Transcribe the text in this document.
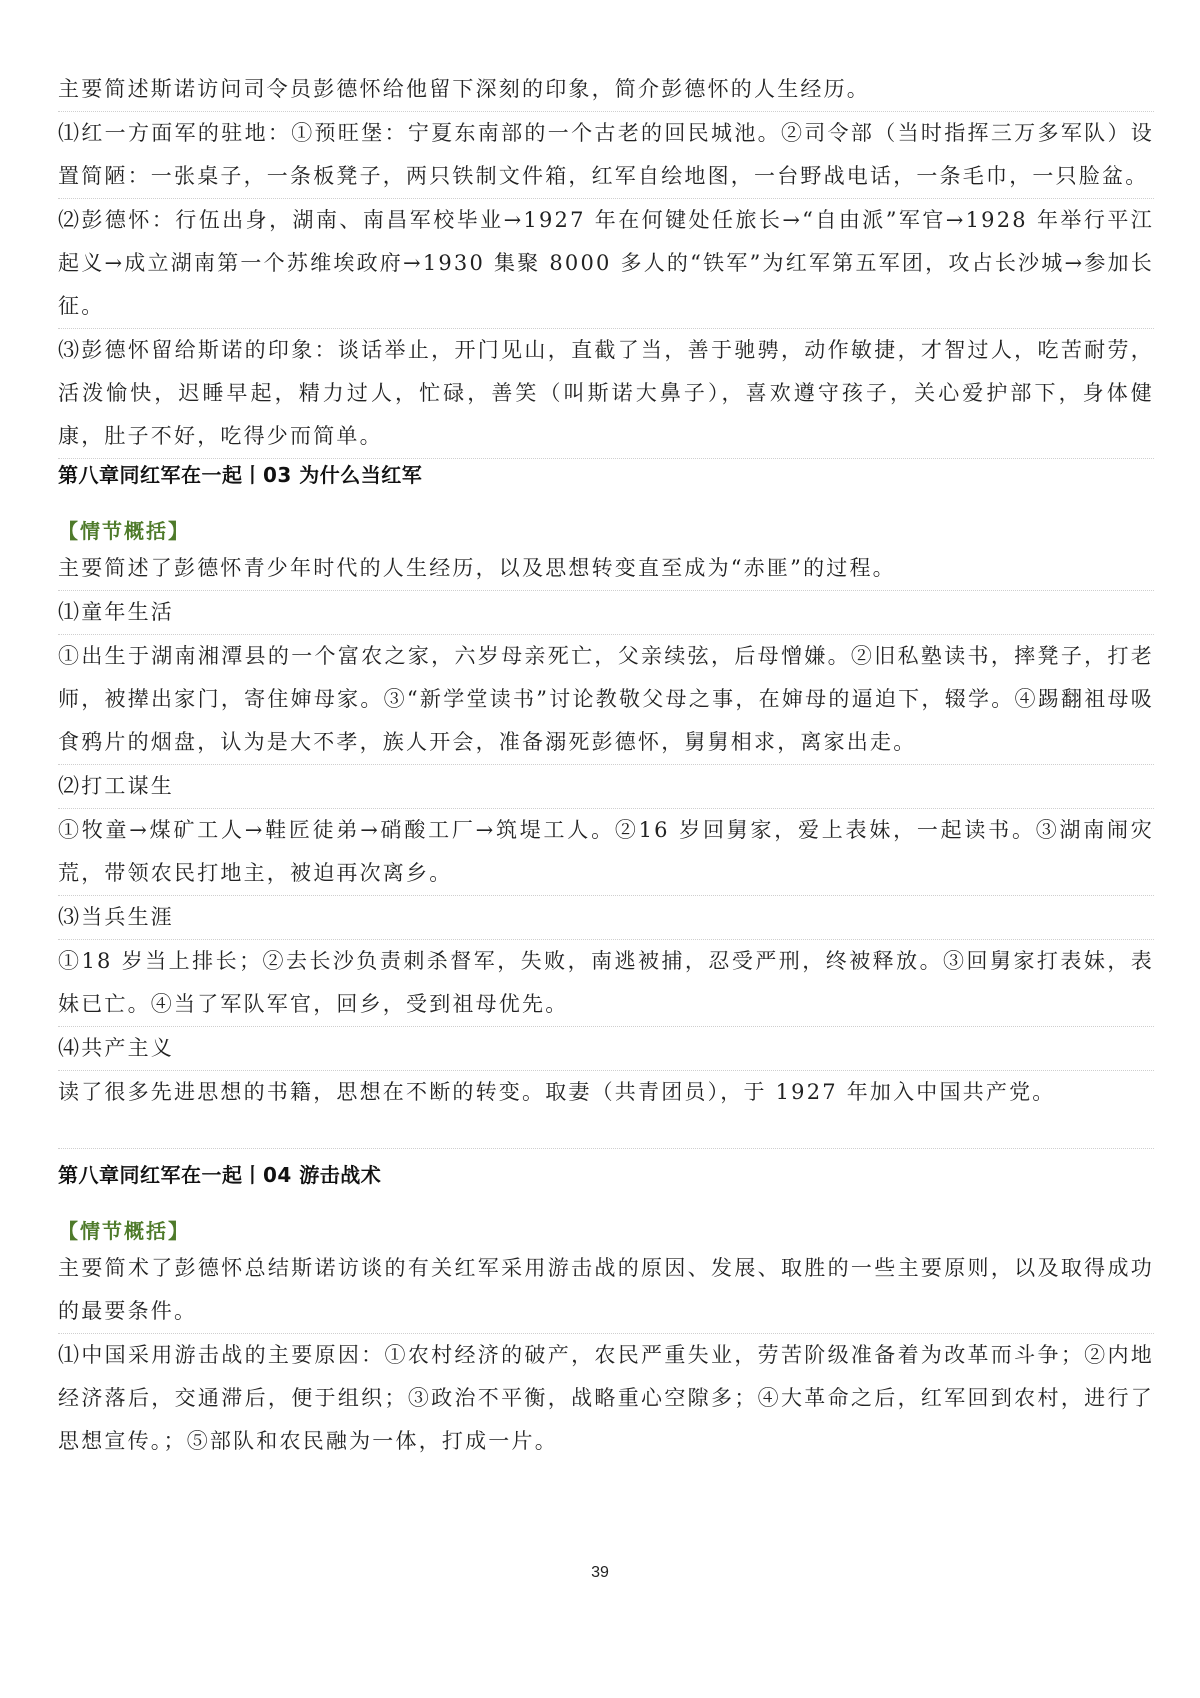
主要简述斯诺访问司令员彭德怀给他留下深刻的印象，简介彭德怀的人生经历。

⑴红一方面军的驻地：①预旺堡：宁夏东南部的一个古老的回民城池。②司令部（当时指挥三万多军队）设置简陋：一张桌子，一条板凳子，两只铁制文件箱，红军自绘地图，一台野战电话，一条毛巾，一只脸盆。

⑵彭德怀：行伍出身，湖南、南昌军校毕业→1927 年在何键处任旅长→“自由派”军官→1928 年举行平江起义→成立湖南第一个苏维埃政府→1930 集聚 8000 多人的“铁军”为红军第五军团，攻占长沙城→参加长征。

⑶彭德怀留给斯诺的印象：谈话举止，开门见山，直截了当，善于驰骋，动作敏捷，才智过人，吃苦耐劳，活泼愉快，迟睡早起，精力过人，忙碌，善笑（叫斯诺大鼻子），喜欢遵守孩子，关心爱护部下，身体健康，肚子不好，吃得少而简单。

第八章同红军在一起丨03 为什么当红军

【情节概括】

主要简述了彭德怀青少年时代的人生经历，以及思想转变直至成为“赤匪”的过程。

⑴童年生活

①出生于湖南湘潭县的一个富农之家，六岁母亲死亡，父亲续弦，后母憎嫌。②旧私塾读书，摔凳子，打老师，被撵出家门，寄住婶母家。③“新学堂读书”讨论教敬父母之事，在婶母的逼迫下，辍学。④踢翻祖母吸食鸦片的烟盘，认为是大不孝，族人开会，准备溺死彭德怀，舅舅相求，离家出走。

⑵打工谋生

①牧童→煤矿工人→鞋匠徒弟→硝酸工厂→筑堤工人。②16 岁回舅家，爱上表妹，一起读书。③湖南闹灾荒，带领农民打地主，被迫再次离乡。

⑶当兵生涯

①18 岁当上排长；②去长沙负责刺杀督军，失败，南逃被捕，忍受严刑，终被释放。③回舅家打表妹，表妹已亡。④当了军队军官，回乡，受到祖母优先。

⑷共产主义

读了很多先进思想的书籍，思想在不断的转变。取妻（共青团员），于 1927 年加入中国共产党。

第八章同红军在一起丨04 游击战术

【情节概括】

主要简术了彭德怀总结斯诺访谈的有关红军采用游击战的原因、发展、取胜的一些主要原则，以及取得成功的最要条件。

⑴中国采用游击战的主要原因：①农村经济的破产，农民严重失业，劳苦阶级准备着为改革而斗争；②内地经济落后，交通滞后，便于组织；③政治不平衡，战略重心空隙多；④大革命之后，红军回到农村，进行了思想宣传。；⑤部队和农民融为一体，打成一片。

39
